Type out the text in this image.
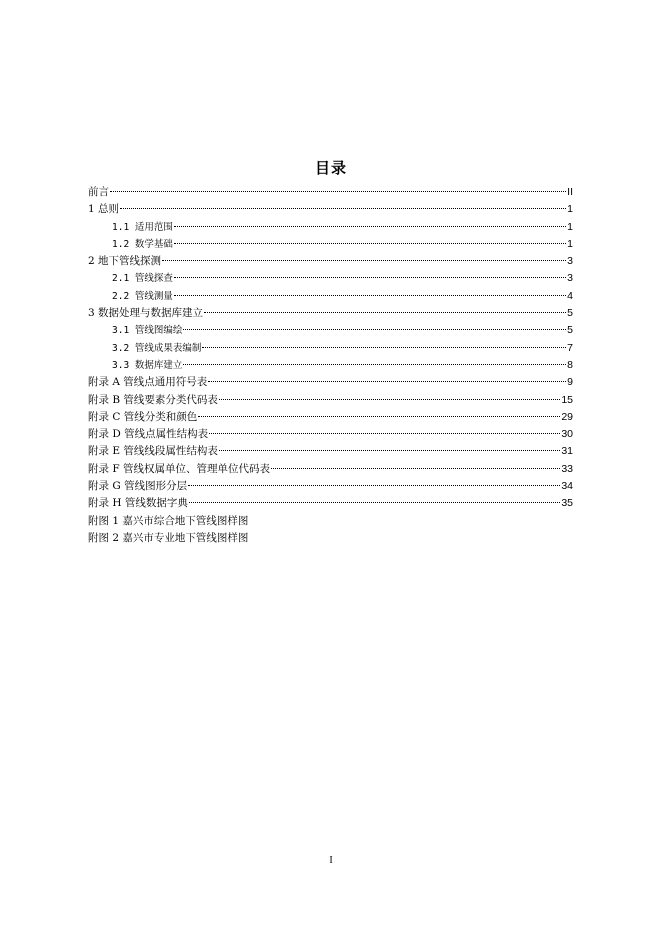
目录
前言	II
1 总则	1
1.1 适用范围	1
1.2 数学基础	1
2 地下管线探测	3
2.1 管线探查	3
2.2 管线测量	4
3 数据处理与数据库建立	5
3.1 管线图编绘	5
3.2 管线成果表编制	7
3.3 数据库建立	8
附录 A 管线点通用符号表	9
附录 B 管线要素分类代码表	15
附录 C 管线分类和颜色	29
附录 D 管线点属性结构表	30
附录 E 管线线段属性结构表	31
附录 F 管线权属单位、管理单位代码表	33
附录 G 管线图形分层	34
附录 H 管线数据字典	35
附图 1 嘉兴市综合地下管线图样图
附图 2 嘉兴市专业地下管线图样图
I
